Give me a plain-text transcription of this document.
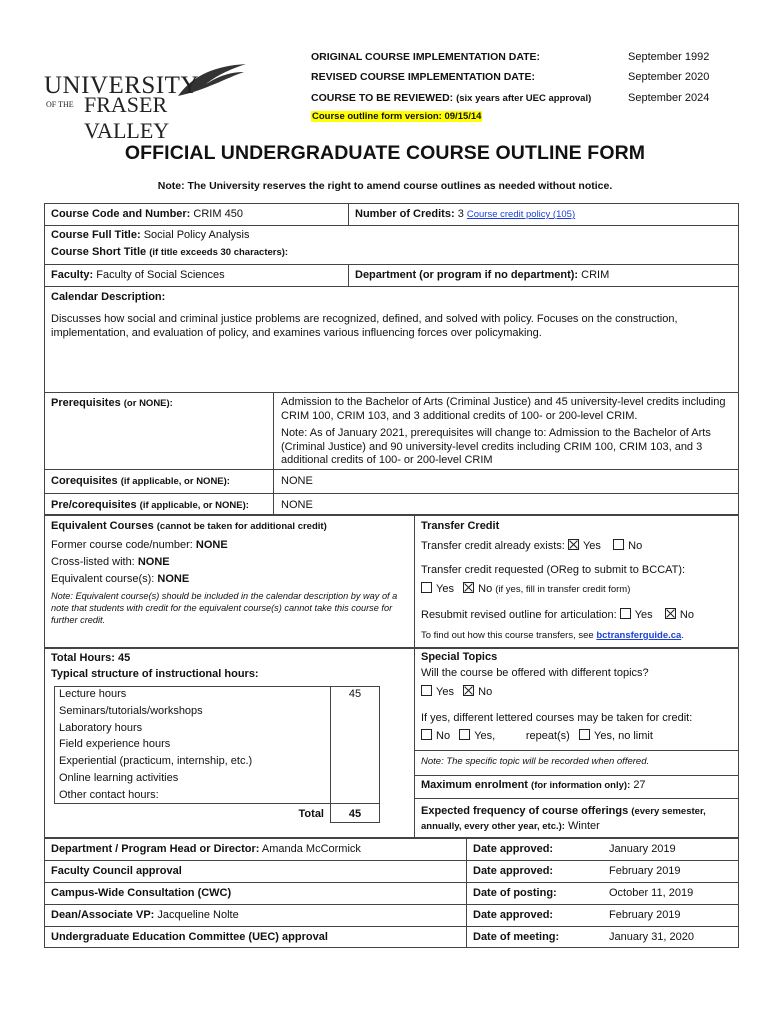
UNIVERSITY
OF THE FRASER VALLEY
ORIGINAL COURSE IMPLEMENTATION DATE:	September 1992
REVISED COURSE IMPLEMENTATION DATE:	September 2020
COURSE TO BE REVIEWED: (six years after UEC approval)	September 2024
Course outline form version: 09/15/14
OFFICIAL UNDERGRADUATE COURSE OUTLINE FORM
Note: The University reserves the right to amend course outlines as needed without notice.
Course Code and Number: CRIM 450	Number of Credits: 3 Course credit policy (105)
Course Full Title: Social Policy Analysis
Course Short Title (if title exceeds 30 characters):
Faculty: Faculty of Social Sciences	Department (or program if no department): CRIM
Calendar Description:
Discusses how social and criminal justice problems are recognized, defined, and solved with policy. Focuses on the construction, implementation, and evaluation of policy, and examines various influencing forces over policymaking.
Prerequisites (or NONE):	Admission to the Bachelor of Arts (Criminal Justice) and 45 university-level credits including CRIM 100, CRIM 103, and 3 additional credits of 100- or 200-level CRIM.
Note: As of January 2021, prerequisites will change to: Admission to the Bachelor of Arts (Criminal Justice) and 90 university-level credits including CRIM 100, CRIM 103, and 3 additional credits of 100- or 200-level CRIM
Corequisites (if applicable, or NONE):	NONE
Pre/corequisites (if applicable, or NONE):	NONE
Equivalent Courses (cannot be taken for additional credit)
Former course code/number: NONE
Cross-listed with: NONE
Equivalent course(s): NONE
Note: Equivalent course(s) should be included in the calendar description by way of a note that students with credit for the equivalent course(s) cannot take this course for further credit.
Transfer Credit
Transfer credit already exists: Yes No
Transfer credit requested (OReg to submit to BCCAT):
Yes No (if yes, fill in transfer credit form)
Resubmit revised outline for articulation: Yes No
To find out how this course transfers, see bctransferguide.ca.
Total Hours: 45
Typical structure of instructional hours:
Lecture hours	45
Seminars/tutorials/workshops
Laboratory hours
Field experience hours
Experiential (practicum, internship, etc.)
Online learning activities
Other contact hours:
Total	45
Special Topics
Will the course be offered with different topics?
Yes No
If yes, different lettered courses may be taken for credit:
No Yes,	repeat(s) Yes, no limit
Note: The specific topic will be recorded when offered.
Maximum enrolment (for information only): 27
Expected frequency of course offerings (every semester, annually, every other year, etc.): Winter
Department / Program Head or Director: Amanda McCormick	Date approved:	January 2019
Faculty Council approval	Date approved:	February 2019
Campus-Wide Consultation (CWC)	Date of posting:	October 11, 2019
Dean/Associate VP: Jacqueline Nolte	Date approved:	February 2019
Undergraduate Education Committee (UEC) approval	Date of meeting:	January 31, 2020
